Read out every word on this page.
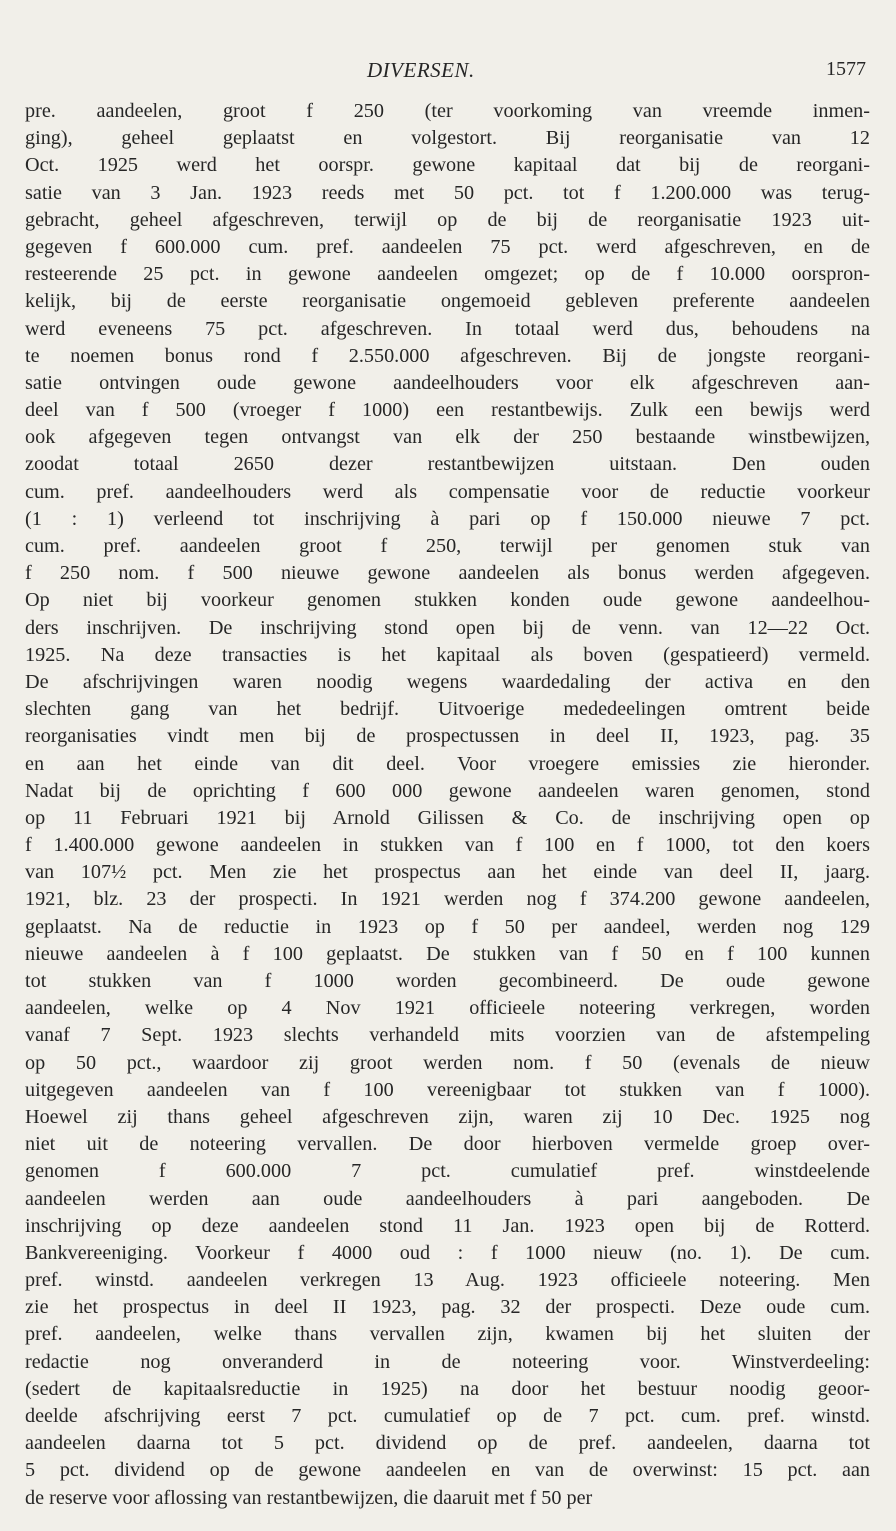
DIVERSEN.	1577
pre. aandeelen, groot f 250 (ter voorkoming van vreemde inmen-
ging), geheel geplaatst en volgestort. Bij reorganisatie van 12
Oct. 1925 werd het oorspr. gewone kapitaal dat bij de reorgani-
satie van 3 Jan. 1923 reeds met 50 pct. tot f 1.200.000 was terug-
gebracht, geheel afgeschreven, terwijl op de bij de reorganisatie 1923 uit-
gegeven f 600.000 cum. pref. aandeelen 75 pct. werd afgeschreven, en de
resteerende 25 pct. in gewone aandeelen omgezet; op de f 10.000 oorspron-
kelijk, bij de eerste reorganisatie ongemoeid gebleven preferente aandeelen
werd eveneens 75 pct. afgeschreven. In totaal werd dus, behoudens na
te noemen bonus rond f 2.550.000 afgeschreven. Bij de jongste reorgani-
satie ontvingen oude gewone aandeelhouders voor elk afgeschreven aan-
deel van f 500 (vroeger f 1000) een restantbewijs. Zulk een bewijs werd
ook afgegeven tegen ontvangst van elk der 250 bestaande winstbewijzen,
zoodat totaal 2650 dezer restantbewijzen uitstaan. Den ouden
cum. pref. aandeelhouders werd als compensatie voor de reductie voorkeur
(1 : 1) verleend tot inschrijving à pari op f 150.000 nieuwe 7 pct.
cum. pref. aandeelen groot f 250, terwijl per genomen stuk van
f 250 nom. f 500 nieuwe gewone aandeelen als bonus werden afgegeven.
Op niet bij voorkeur genomen stukken konden oude gewone aandeelhou-
ders inschrijven. De inschrijving stond open bij de venn. van 12—22 Oct.
1925. Na deze transacties is het kapitaal als boven (gespatieerd) vermeld.
De afschrijvingen waren noodig wegens waardedaling der activa en den
slechten gang van het bedrijf. Uitvoerige mededeelingen omtrent beide
reorganisaties vindt men bij de prospectussen in deel II, 1923, pag. 35
en aan het einde van dit deel. Voor vroegere emissies zie hieronder.
Nadat bij de oprichting f 600 000 gewone aandeelen waren genomen, stond
op 11 Februari 1921 bij Arnold Gilissen & Co. de inschrijving open op
f 1.400.000 gewone aandeelen in stukken van f 100 en f 1000, tot den koers
van 107½ pct. Men zie het prospectus aan het einde van deel II, jaarg.
1921, blz. 23 der prospecti. In 1921 werden nog f 374.200 gewone aandeelen,
geplaatst. Na de reductie in 1923 op f 50 per aandeel, werden nog 129
nieuwe aandeelen à f 100 geplaatst. De stukken van f 50 en f 100 kunnen
tot stukken van f 1000 worden gecombineerd. De oude gewone
aandeelen, welke op 4 Nov 1921 officieele noteering verkregen, worden
vanaf 7 Sept. 1923 slechts verhandeld mits voorzien van de afstempeling
op 50 pct., waardoor zij groot werden nom. f 50 (evenals de nieuw
uitgegeven aandeelen van f 100 vereenigbaar tot stukken van f 1000).
Hoewel zij thans geheel afgeschreven zijn, waren zij 10 Dec. 1925 nog
niet uit de noteering vervallen. De door hierboven vermelde groep over-
genomen f 600.000 7 pct. cumulatief pref. winstdeelende
aandeelen werden aan oude aandeelhouders à pari aangeboden. De
inschrijving op deze aandeelen stond 11 Jan. 1923 open bij de Rotterd.
Bankvereeniging. Voorkeur f 4000 oud : f 1000 nieuw (no. 1). De cum.
pref. winstd. aandeelen verkregen 13 Aug. 1923 officieele noteering. Men
zie het prospectus in deel II 1923, pag. 32 der prospecti. Deze oude cum.
pref. aandeelen, welke thans vervallen zijn, kwamen bij het sluiten der
redactie nog onveranderd in de noteering voor. Winstverdeeling:
(sedert de kapitaalsreductie in 1925) na door het bestuur noodig geoor-
deelde afschrijving eerst 7 pct. cumulatief op de 7 pct. cum. pref. winstd.
aandeelen daarna tot 5 pct. dividend op de pref. aandeelen, daarna tot
5 pct. dividend op de gewone aandeelen en van de overwinst: 15 pct. aan
de reserve voor aflossing van restantbewijzen, die daaruit met f 50 per
